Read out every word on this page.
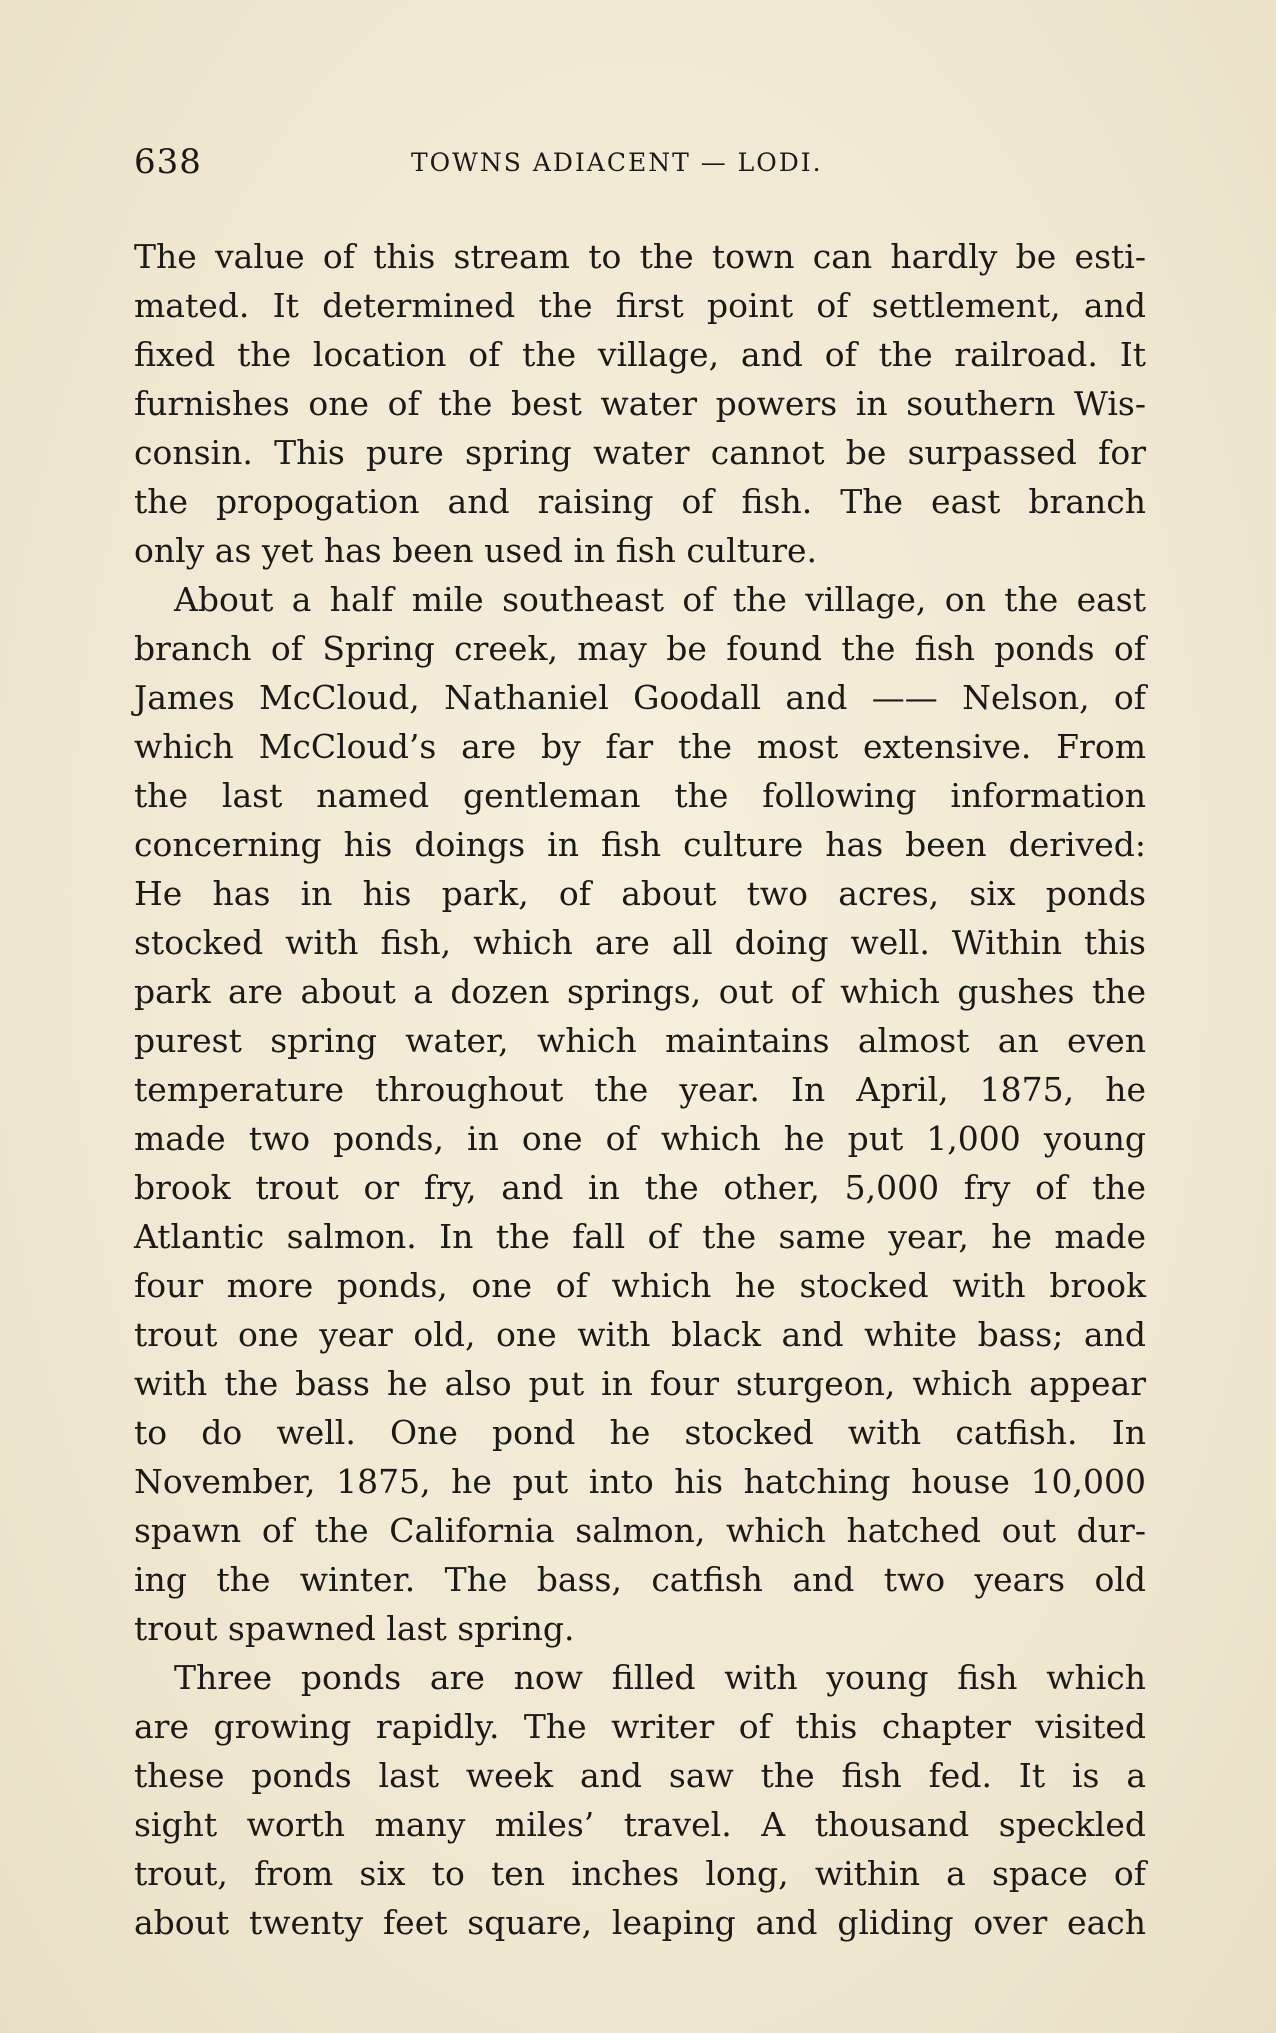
638	TOWNS ADIACENT — LODI.
The value of this stream to the town can hardly be esti-
mated. It determined the first point of settlement, and
fixed the location of the village, and of the railroad. It
furnishes one of the best water powers in southern Wis-
consin. This pure spring water cannot be surpassed for
the propogation and raising of fish. The east branch
only as yet has been used in fish culture.
About a half mile southeast of the village, on the east
branch of Spring creek, may be found the fish ponds of
James McCloud, Nathaniel Goodall and —— Nelson, of
which McCloud’s are by far the most extensive. From
the last named gentleman the following information
concerning his doings in fish culture has been derived:
He has in his park, of about two acres, six ponds
stocked with fish, which are all doing well. Within this
park are about a dozen springs, out of which gushes the
purest spring water, which maintains almost an even
temperature throughout the year. In April, 1875, he
made two ponds, in one of which he put 1,000 young
brook trout or fry, and in the other, 5,000 fry of the
Atlantic salmon. In the fall of the same year, he made
four more ponds, one of which he stocked with brook
trout one year old, one with black and white bass; and
with the bass he also put in four sturgeon, which appear
to do well. One pond he stocked with catfish. In
November, 1875, he put into his hatching house 10,000
spawn of the California salmon, which hatched out dur-
ing the winter. The bass, catfish and two years old
trout spawned last spring.
Three ponds are now filled with young fish which
are growing rapidly. The writer of this chapter visited
these ponds last week and saw the fish fed. It is a
sight worth many miles’ travel. A thousand speckled
trout, from six to ten inches long, within a space of
about twenty feet square, leaping and gliding over each
